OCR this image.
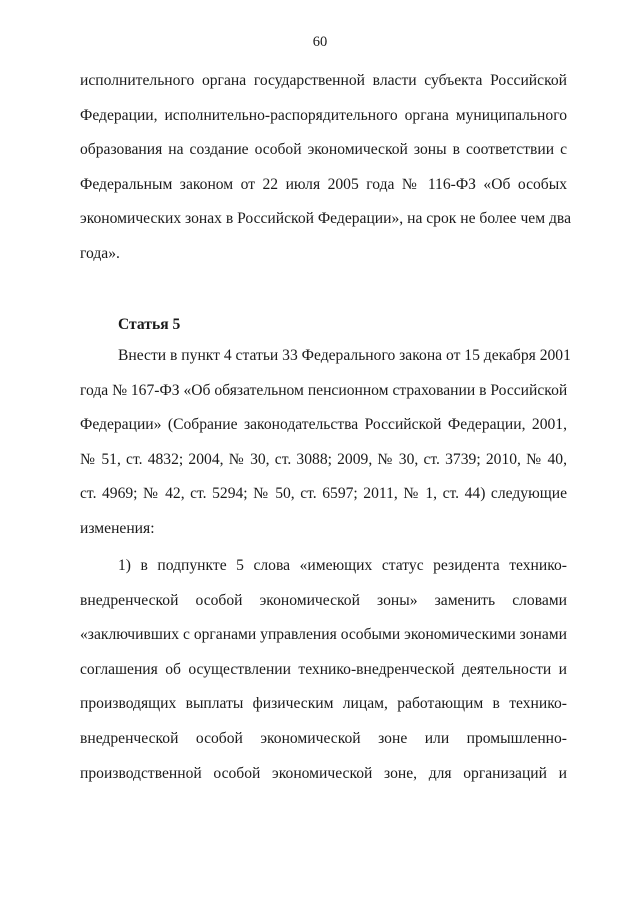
60
исполнительного органа государственной власти субъекта Российской
Федерации, исполнительно-распорядительного органа муниципального
образования на создание особой экономической зоны в соответствии с
Федеральным законом от 22 июля 2005 года № 116-ФЗ «Об особых
экономических зонах в Российской Федерации», на срок не более чем два
года».
Статья 5
Внести в пункт 4 статьи 33 Федерального закона от 15 декабря 2001
года № 167-ФЗ «Об обязательном пенсионном страховании в Российской
Федерации» (Собрание законодательства Российской Федерации, 2001,
№ 51, ст. 4832; 2004, № 30, ст. 3088; 2009, № 30, ст. 3739; 2010, № 40,
ст. 4969; № 42, ст. 5294; № 50, ст. 6597; 2011, № 1, ст. 44) следующие
изменения:
1) в подпункте 5 слова «имеющих статус резидента технико-
внедренческой особой экономической зоны» заменить словами
«заключивших с органами управления особыми экономическими зонами
соглашения об осуществлении технико-внедренческой деятельности и
производящих выплаты физическим лицам, работающим в технико-
внедренческой особой экономической зоне или промышленно-
производственной особой экономической зоне, для организаций и
